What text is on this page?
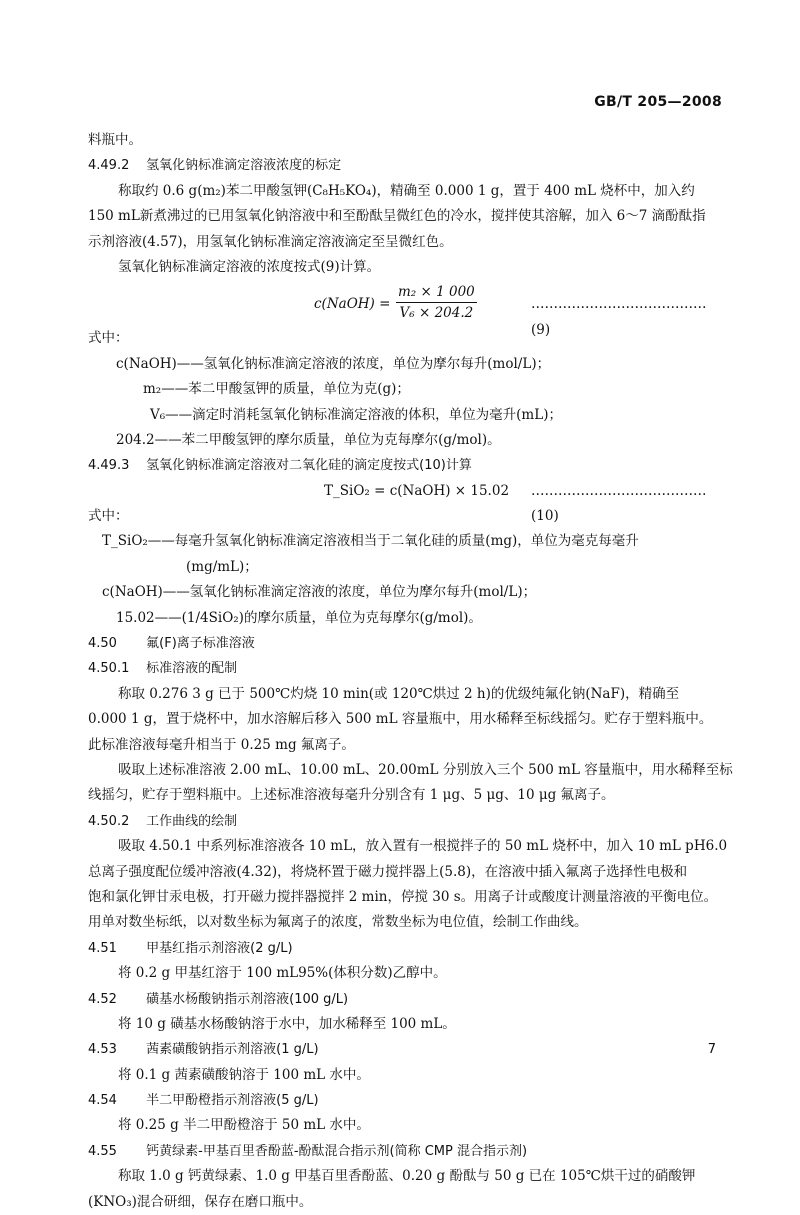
GB/T 205—2008
料瓶中。
4.49.2 氢氧化钠标准滴定溶液浓度的标定
称取约 0.6 g(m₂)苯二甲酸氢钾(C₈H₅KO₄)，精确至 0.000 1 g，置于 400 mL 烧杯中，加入约
150 mL新煮沸过的已用氢氧化钠溶液中和至酚酞呈微红色的冷水，搅拌使其溶解，加入 6～7 滴酚酞指
示剂溶液(4.57)，用氢氧化钠标准滴定溶液滴定至呈微红色。
氢氧化钠标准滴定溶液的浓度按式(9)计算。
c(NaOH) = $\frac{\text{m₂ × 1 000}}{\text{V₆ × 204.2}}$	…………………………………(9)
式中：
c(NaOH)——氢氧化钠标准滴定溶液的浓度，单位为摩尔每升(mol/L)；
m₂——苯二甲酸氢钾的质量，单位为克(g)；
V₆——滴定时消耗氢氧化钠标准滴定溶液的体积，单位为毫升(mL)；
204.2——苯二甲酸氢钾的摩尔质量，单位为克每摩尔(g/mol)。
4.49.3 氢氧化钠标准滴定溶液对二氧化硅的滴定度按式(10)计算
T_SiO₂ = c(NaOH) × 15.02 …………………………………(10)
式中：
T_SiO₂——每毫升氢氧化钠标准滴定溶液相当于二氧化硅的质量(mg)，单位为毫克每毫升
(mg/mL)；
c(NaOH)——氢氧化钠标准滴定溶液的浓度，单位为摩尔每升(mol/L)；
15.02——(1/4SiO₂)的摩尔质量，单位为克每摩尔(g/mol)。
4.50 氟(F)离子标准溶液
4.50.1 标准溶液的配制
称取 0.276 3 g 已于 500℃灼烧 10 min(或 120℃烘过 2 h)的优级纯氟化钠(NaF)，精确至
0.000 1 g，置于烧杯中，加水溶解后移入 500 mL 容量瓶中，用水稀释至标线摇匀。贮存于塑料瓶中。
此标准溶液每毫升相当于 0.25 mg 氟离子。
吸取上述标准溶液 2.00 mL、10.00 mL、20.00mL 分别放入三个 500 mL 容量瓶中，用水稀释至标
线摇匀，贮存于塑料瓶中。上述标准溶液每毫升分别含有 1 μg、5 μg、10 μg 氟离子。
4.50.2 工作曲线的绘制
吸取 4.50.1 中系列标准溶液各 10 mL，放入置有一根搅拌子的 50 mL 烧杯中，加入 10 mL pH6.0
总离子强度配位缓冲溶液(4.32)，将烧杯置于磁力搅拌器上(5.8)，在溶液中插入氟离子选择性电极和
饱和氯化钾甘汞电极，打开磁力搅拌器搅拌 2 min，停搅 30 s。用离子计或酸度计测量溶液的平衡电位。
用单对数坐标纸，以对数坐标为氟离子的浓度，常数坐标为电位值，绘制工作曲线。
4.51 甲基红指示剂溶液(2 g/L)
将 0.2 g 甲基红溶于 100 mL95%(体积分数)乙醇中。
4.52 磺基水杨酸钠指示剂溶液(100 g/L)
将 10 g 磺基水杨酸钠溶于水中，加水稀释至 100 mL。
4.53 茜素磺酸钠指示剂溶液(1 g/L)
将 0.1 g 茜素磺酸钠溶于 100 mL 水中。
4.54 半二甲酚橙指示剂溶液(5 g/L)
将 0.25 g 半二甲酚橙溶于 50 mL 水中。
4.55 钙黄绿素-甲基百里香酚蓝-酚酞混合指示剂(简称 CMP 混合指示剂)
称取 1.0 g 钙黄绿素、1.0 g 甲基百里香酚蓝、0.20 g 酚酞与 50 g 已在 105℃烘干过的硝酸钾
(KNO₃)混合研细，保存在磨口瓶中。
7
